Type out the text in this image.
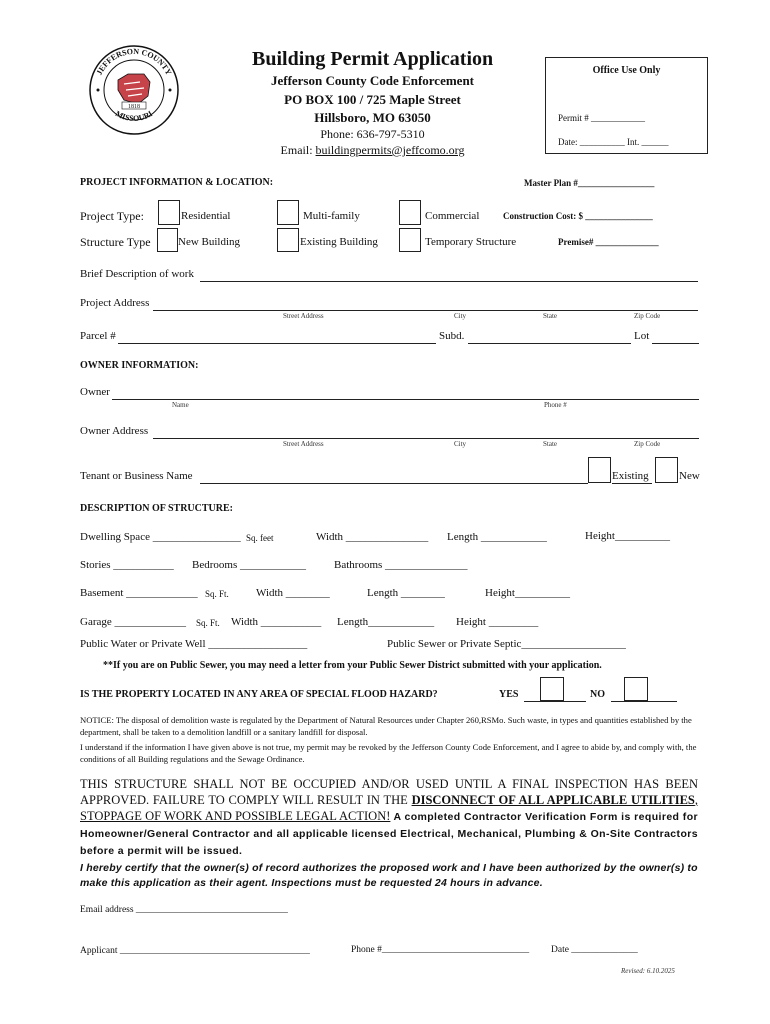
JEFFERSON COUNTY
MISSOURI
1818
Building Permit Application
Jefferson County Code Enforcement
PO BOX 100 / 725 Maple Street
Hillsboro, MO 63050
Phone: 636-797-5310
Email: buildingpermits@jeffcomo.org
Office Use Only
Permit # ____________
Date: __________ Int. ______
PROJECT INFORMATION & LOCATION:	Master Plan #_________________
Project Type:	Residential	Multi-family	Commercial	Construction Cost: $ _______________
Structure Type New Building	Existing Building	Temporary Structure	Premise# ______________
Brief Description of work
Project Address
Street Address	City	State	Zip Code
Parcel #	Subd.	Lot
OWNER INFORMATION:
Owner
Name	Phone #
Owner Address
Street Address	City	State	Zip Code
Tenant or Business Name	Existing	New
DESCRIPTION OF STRUCTURE:
Dwelling Space ________________ Sq. feet	Width _______________ Length ____________	Height__________
Stories ___________ Bedrooms ____________	Bathrooms _______________
Basement _____________ Sq. Ft. Width ________	Length ________	Height__________
Garage _____________ Sq. Ft. Width ___________ Length____________ Height _________
Public Water or Private Well __________________	Public Sewer or Private Septic___________________
**If you are on Public Sewer, you may need a letter from your Public Sewer District submitted with your application.
IS THE PROPERTY LOCATED IN ANY AREA OF SPECIAL FLOOD HAZARD?	YES	NO
NOTICE: The disposal of demolition waste is regulated by the Department of Natural Resources under Chapter 260,RSMo. Such waste, in types and quantities established by the department, shall be taken to a demolition landfill or a sanitary landfill for disposal.
I understand if the information I have given above is not true, my permit may be revoked by the Jefferson County Code Enforcement, and I agree to abide by, and comply with, the conditions of all Building regulations and the Sewage Ordinance.
THIS STRUCTURE SHALL NOT BE OCCUPIED AND/OR USED UNTIL A FINAL INSPECTION HAS BEEN APPROVED. FAILURE TO COMPLY WILL RESULT IN THE DISCONNECT OF ALL APPLICABLE UTILITIES, STOPPAGE OF WORK AND POSSIBLE LEGAL ACTION! A completed Contractor Verification Form is required for Homeowner/General Contractor and all applicable licensed Electrical, Mechanical, Plumbing & On-Site Contractors before a permit will be issued.
I hereby certify that the owner(s) of record authorizes the proposed work and I have been authorized by the owner(s) to make this application as their agent. Inspections must be requested 24 hours in advance.
Email address ________________________________
Applicant ________________________________________	Phone #_______________________________ Date ______________
Revised: 6.10.2025
